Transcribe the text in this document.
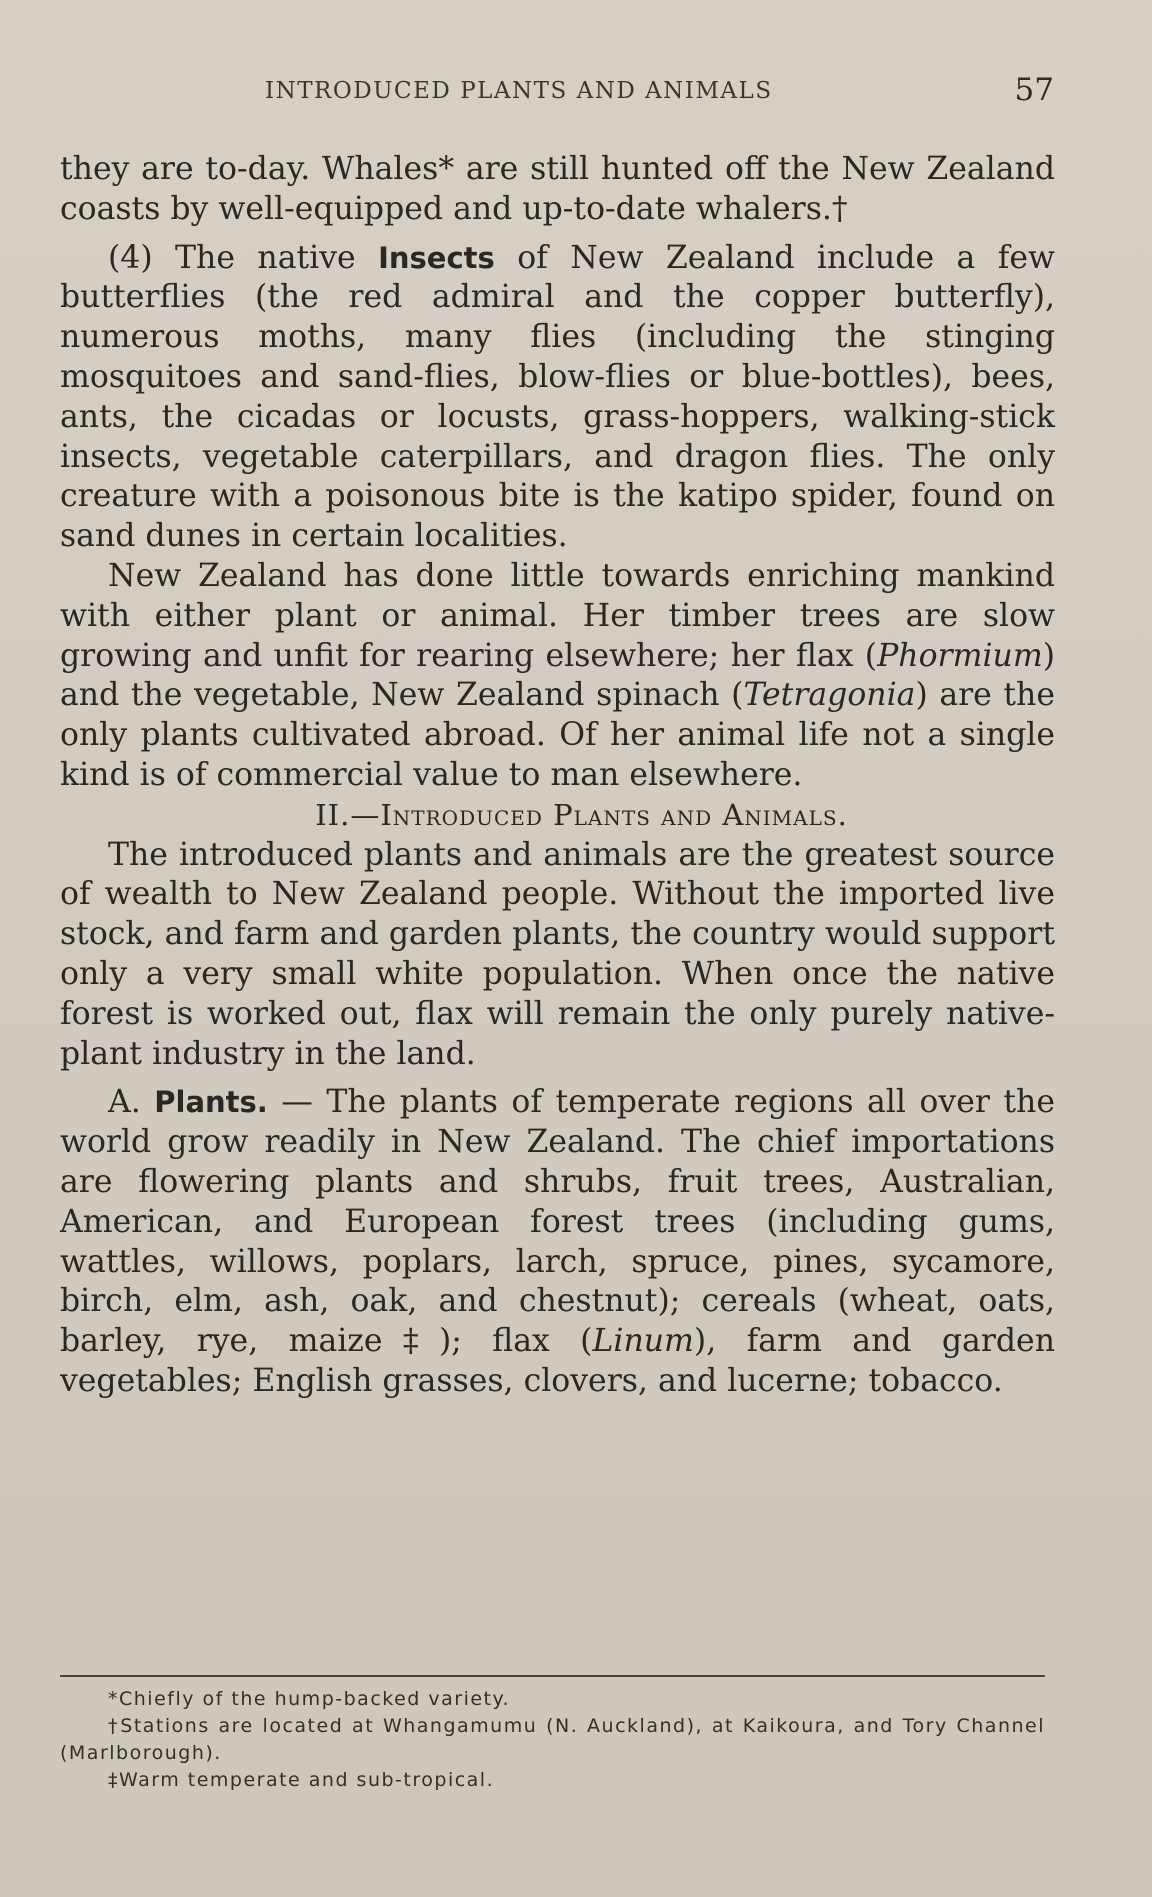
INTRODUCED PLANTS AND ANIMALS	57

they are to-day. Whales* are still hunted off the New Zealand coasts by well-equipped and up-to-date whalers.†

(4) The native Insects of New Zealand include a few butterflies (the red admiral and the copper butterfly), numerous moths, many flies (including the stinging mosquitoes and sand-flies, blow-flies or blue-bottles), bees, ants, the cicadas or locusts, grass-hoppers, walking-stick insects, vegetable caterpillars, and dragon flies. The only creature with a poisonous bite is the katipo spider, found on sand dunes in certain localities.

New Zealand has done little towards enriching mankind with either plant or animal. Her timber trees are slow growing and unfit for rearing elsewhere; her flax (Phormium) and the vegetable, New Zealand spinach (Tetragonia) are the only plants cultivated abroad. Of her animal life not a single kind is of commercial value to man elsewhere.

II.—Introduced Plants and Animals.

The introduced plants and animals are the greatest source of wealth to New Zealand people. Without the imported live stock, and farm and garden plants, the country would support only a very small white population. When once the native forest is worked out, flax will remain the only purely native-plant industry in the land.

A. Plants. — The plants of temperate regions all over the world grow readily in New Zealand. The chief importations are flowering plants and shrubs, fruit trees, Australian, American, and European forest trees (including gums, wattles, willows, poplars, larch, spruce, pines, sycamore, birch, elm, ash, oak, and chestnut); cereals (wheat, oats, barley, rye, maize‡); flax (Linum), farm and garden vegetables; English grasses, clovers, and lucerne; tobacco.

*Chiefly of the hump-backed variety.
†Stations are located at Whangamumu (N. Auckland), at Kaikoura, and Tory Channel (Marlborough).
‡Warm temperate and sub-tropical.
